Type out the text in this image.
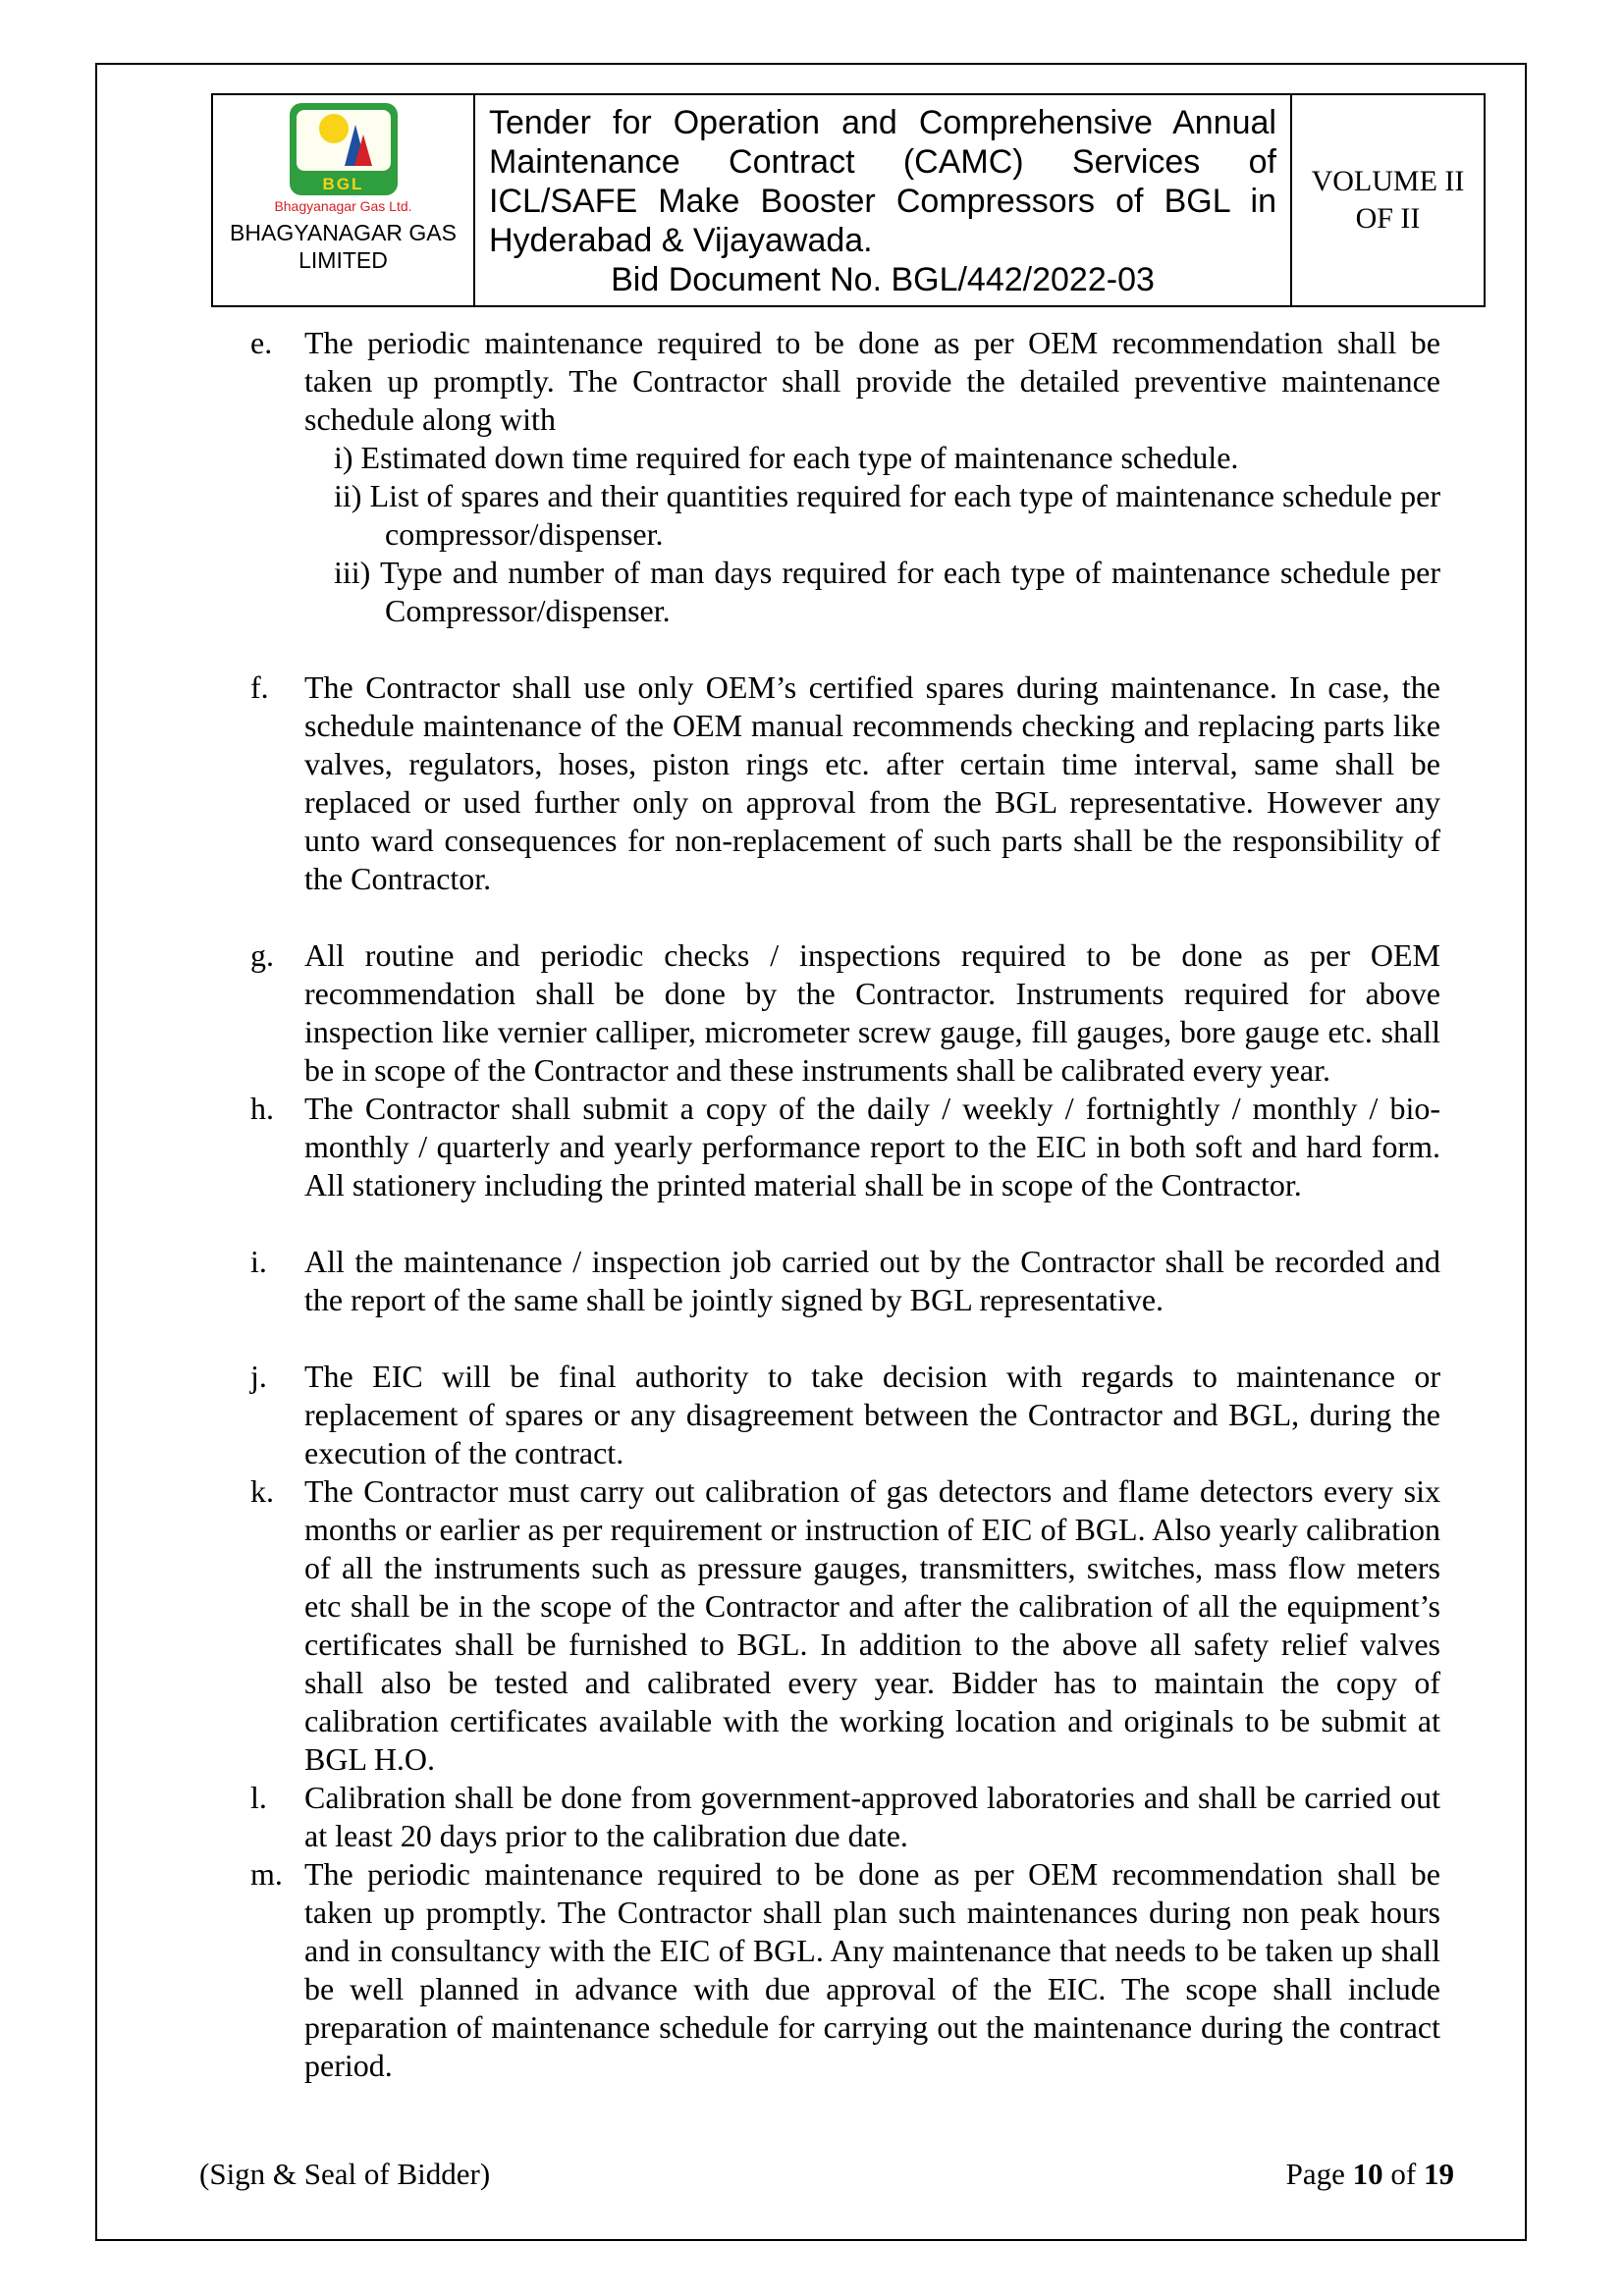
BGL
Bhagyanagar Gas Ltd.
BHAGYANAGAR GAS
LIMITED
Tender for Operation and Comprehensive Annual Maintenance Contract (CAMC) Services of ICL/SAFE Make Booster Compressors of BGL in Hyderabad & Vijayawada.
Bid Document No. BGL/442/2022-03
VOLUME II
OF II
e. The periodic maintenance required to be done as per OEM recommendation shall be taken up promptly. The Contractor shall provide the detailed preventive maintenance schedule along with
i) Estimated down time required for each type of maintenance schedule.
ii) List of spares and their quantities required for each type of maintenance schedule per compressor/dispenser.
iii) Type and number of man days required for each type of maintenance schedule per Compressor/dispenser.
f. The Contractor shall use only OEM’s certified spares during maintenance. In case, the schedule maintenance of the OEM manual recommends checking and replacing parts like valves, regulators, hoses, piston rings etc. after certain time interval, same shall be replaced or used further only on approval from the BGL representative. However any unto ward consequences for non-replacement of such parts shall be the responsibility of the Contractor.
g. All routine and periodic checks / inspections required to be done as per OEM recommendation shall be done by the Contractor. Instruments required for above inspection like vernier calliper, micrometer screw gauge, fill gauges, bore gauge etc. shall be in scope of the Contractor and these instruments shall be calibrated every year.
h. The Contractor shall submit a copy of the daily / weekly / fortnightly / monthly / bio-monthly / quarterly and yearly performance report to the EIC in both soft and hard form. All stationery including the printed material shall be in scope of the Contractor.
i. All the maintenance / inspection job carried out by the Contractor shall be recorded and the report of the same shall be jointly signed by BGL representative.
j. The EIC will be final authority to take decision with regards to maintenance or replacement of spares or any disagreement between the Contractor and BGL, during the execution of the contract.
k. The Contractor must carry out calibration of gas detectors and flame detectors every six months or earlier as per requirement or instruction of EIC of BGL. Also yearly calibration of all the instruments such as pressure gauges, transmitters, switches, mass flow meters etc shall be in the scope of the Contractor and after the calibration of all the equipment’s certificates shall be furnished to BGL. In addition to the above all safety relief valves shall also be tested and calibrated every year. Bidder has to maintain the copy of calibration certificates available with the working location and originals to be submit at BGL H.O.
l. Calibration shall be done from government-approved laboratories and shall be carried out at least 20 days prior to the calibration due date.
m. The periodic maintenance required to be done as per OEM recommendation shall be taken up promptly. The Contractor shall plan such maintenances during non peak hours and in consultancy with the EIC of BGL. Any maintenance that needs to be taken up shall be well planned in advance with due approval of the EIC. The scope shall include preparation of maintenance schedule for carrying out the maintenance during the contract period.
(Sign & Seal of Bidder)	Page 10 of 19
